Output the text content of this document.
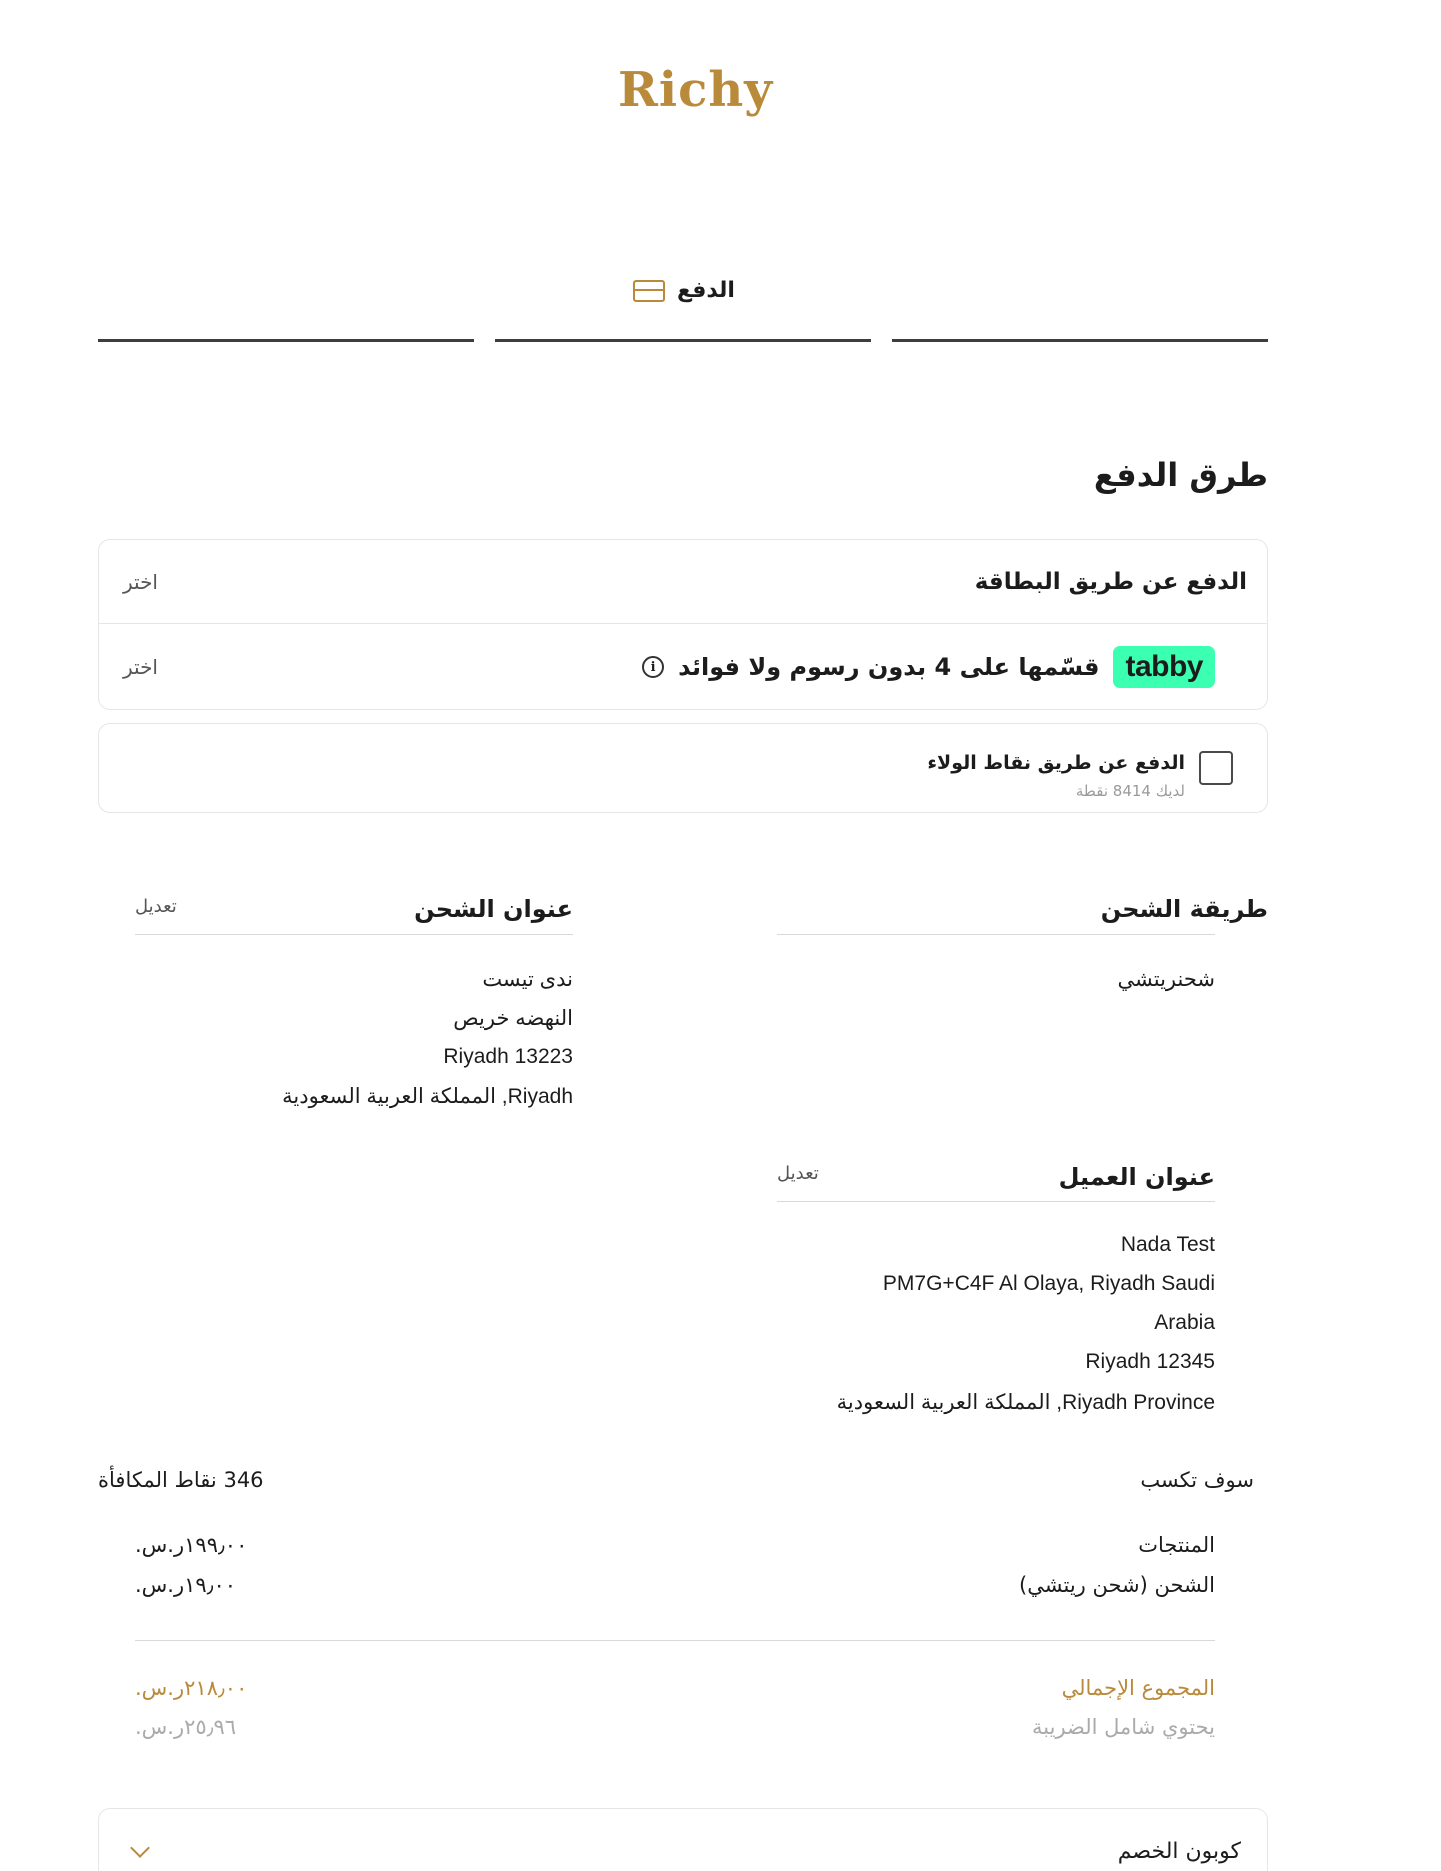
Richy
الدفع
طرق الدفع
اختر	الدفع عن طريق البطاقة
اختر	i قسّمها على 4 بدون رسوم ولا فوائد tabby
الدفع عن طريق نقاط الولاء
لديك 8414 نقطة
طريقة الشحن
شحنريتشي
عنوان الشحن
تعديل
ندى تيست
النهضه خريص
Riyadh 13223
Riyadh, المملكة العربية السعودية
عنوان العميل
تعديل
Nada Test
PM7G+C4F Al Olaya, Riyadh Saudi
Arabia
Riyadh 12345
Riyadh Province, المملكة العربية السعودية
سوف تكسب
346 نقاط المكافأة
المنتجات
١٩٩٫٠٠ر.س.
الشحن (شحن ريتشي)
١٩٫٠٠ر.س.
المجموع الإجمالي
٢١٨٫٠٠ر.س.
يحتوي شامل الضريبة
٢٥٫٩٦ر.س.
كوبون الخصم
